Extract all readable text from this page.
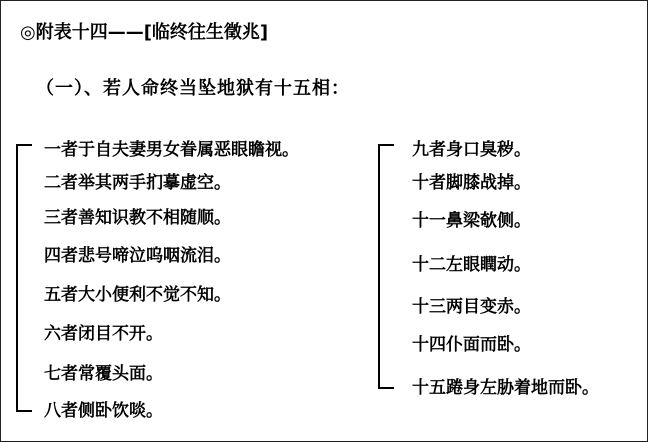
◎附表十四——[临终往生徵兆]
（一）、若人命终当坠地狱有十五相：
一者于自夫妻男女眷属恶眼瞻视。
二者举其两手扪摹虚空。
三者善知识教不相随顺。
四者悲号啼泣呜咽流泪。
五者大小便利不觉不知。
六者闭目不开。
七者常覆头面。
八者侧卧饮啖。
九者身口臭秽。
十者脚膝战掉。
十一鼻梁欹侧。
十二左眼瞤动。
十三两目变赤。
十四仆面而卧。
十五踡身左胁着地而卧。
